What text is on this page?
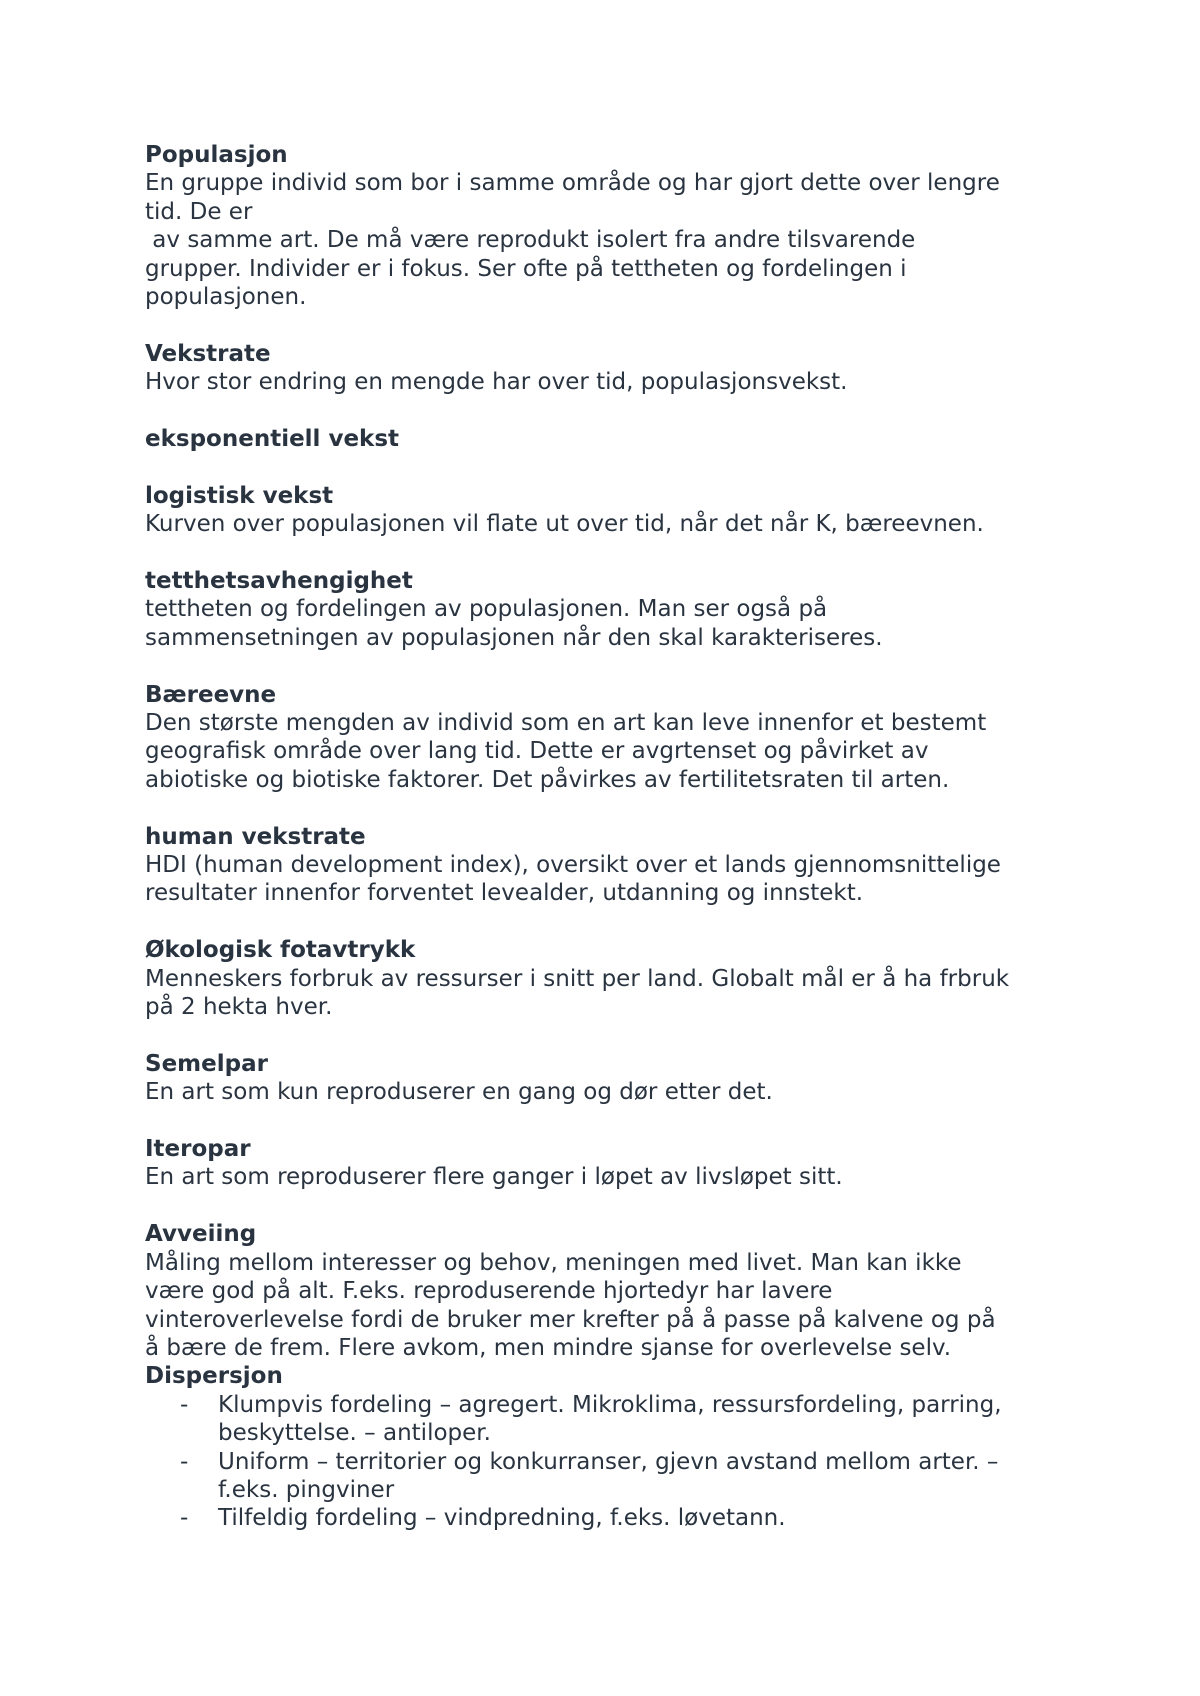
Populasjon
En gruppe individ som bor i samme område og har gjort dette over lengre
tid. De er
av samme art. De må være reprodukt isolert fra andre tilsvarende
grupper. Individer er i fokus. Ser ofte på tettheten og fordelingen i
populasjonen.
Vekstrate
Hvor stor endring en mengde har over tid, populasjonsvekst.
eksponentiell vekst
logistisk vekst
Kurven over populasjonen vil flate ut over tid, når det når K, bæreevnen.
tetthetsavhengighet
tettheten og fordelingen av populasjonen. Man ser også på
sammensetningen av populasjonen når den skal karakteriseres.
Bæreevne
Den største mengden av individ som en art kan leve innenfor et bestemt
geografisk område over lang tid. Dette er avgrtenset og påvirket av
abiotiske og biotiske faktorer. Det påvirkes av fertilitetsraten til arten.
human vekstrate
HDI (human development index), oversikt over et lands gjennomsnittelige
resultater innenfor forventet levealder, utdanning og innstekt.
Økologisk fotavtrykk
Menneskers forbruk av ressurser i snitt per land. Globalt mål er å ha frbruk
på 2 hekta hver.
Semelpar
En art som kun reproduserer en gang og dør etter det.
Iteropar
En art som reproduserer flere ganger i løpet av livsløpet sitt.
Avveiing
Måling mellom interesser og behov, meningen med livet. Man kan ikke
være god på alt. F.eks. reproduserende hjortedyr har lavere
vinteroverlevelse fordi de bruker mer krefter på å passe på kalvene og på
å bære de frem. Flere avkom, men mindre sjanse for overlevelse selv.
Dispersjon
- Klumpvis fordeling – agregert. Mikroklima, ressursfordeling, parring,
beskyttelse. – antiloper.
- Uniform – territorier og konkurranser, gjevn avstand mellom arter. –
f.eks. pingviner
- Tilfeldig fordeling – vindpredning, f.eks. løvetann.
